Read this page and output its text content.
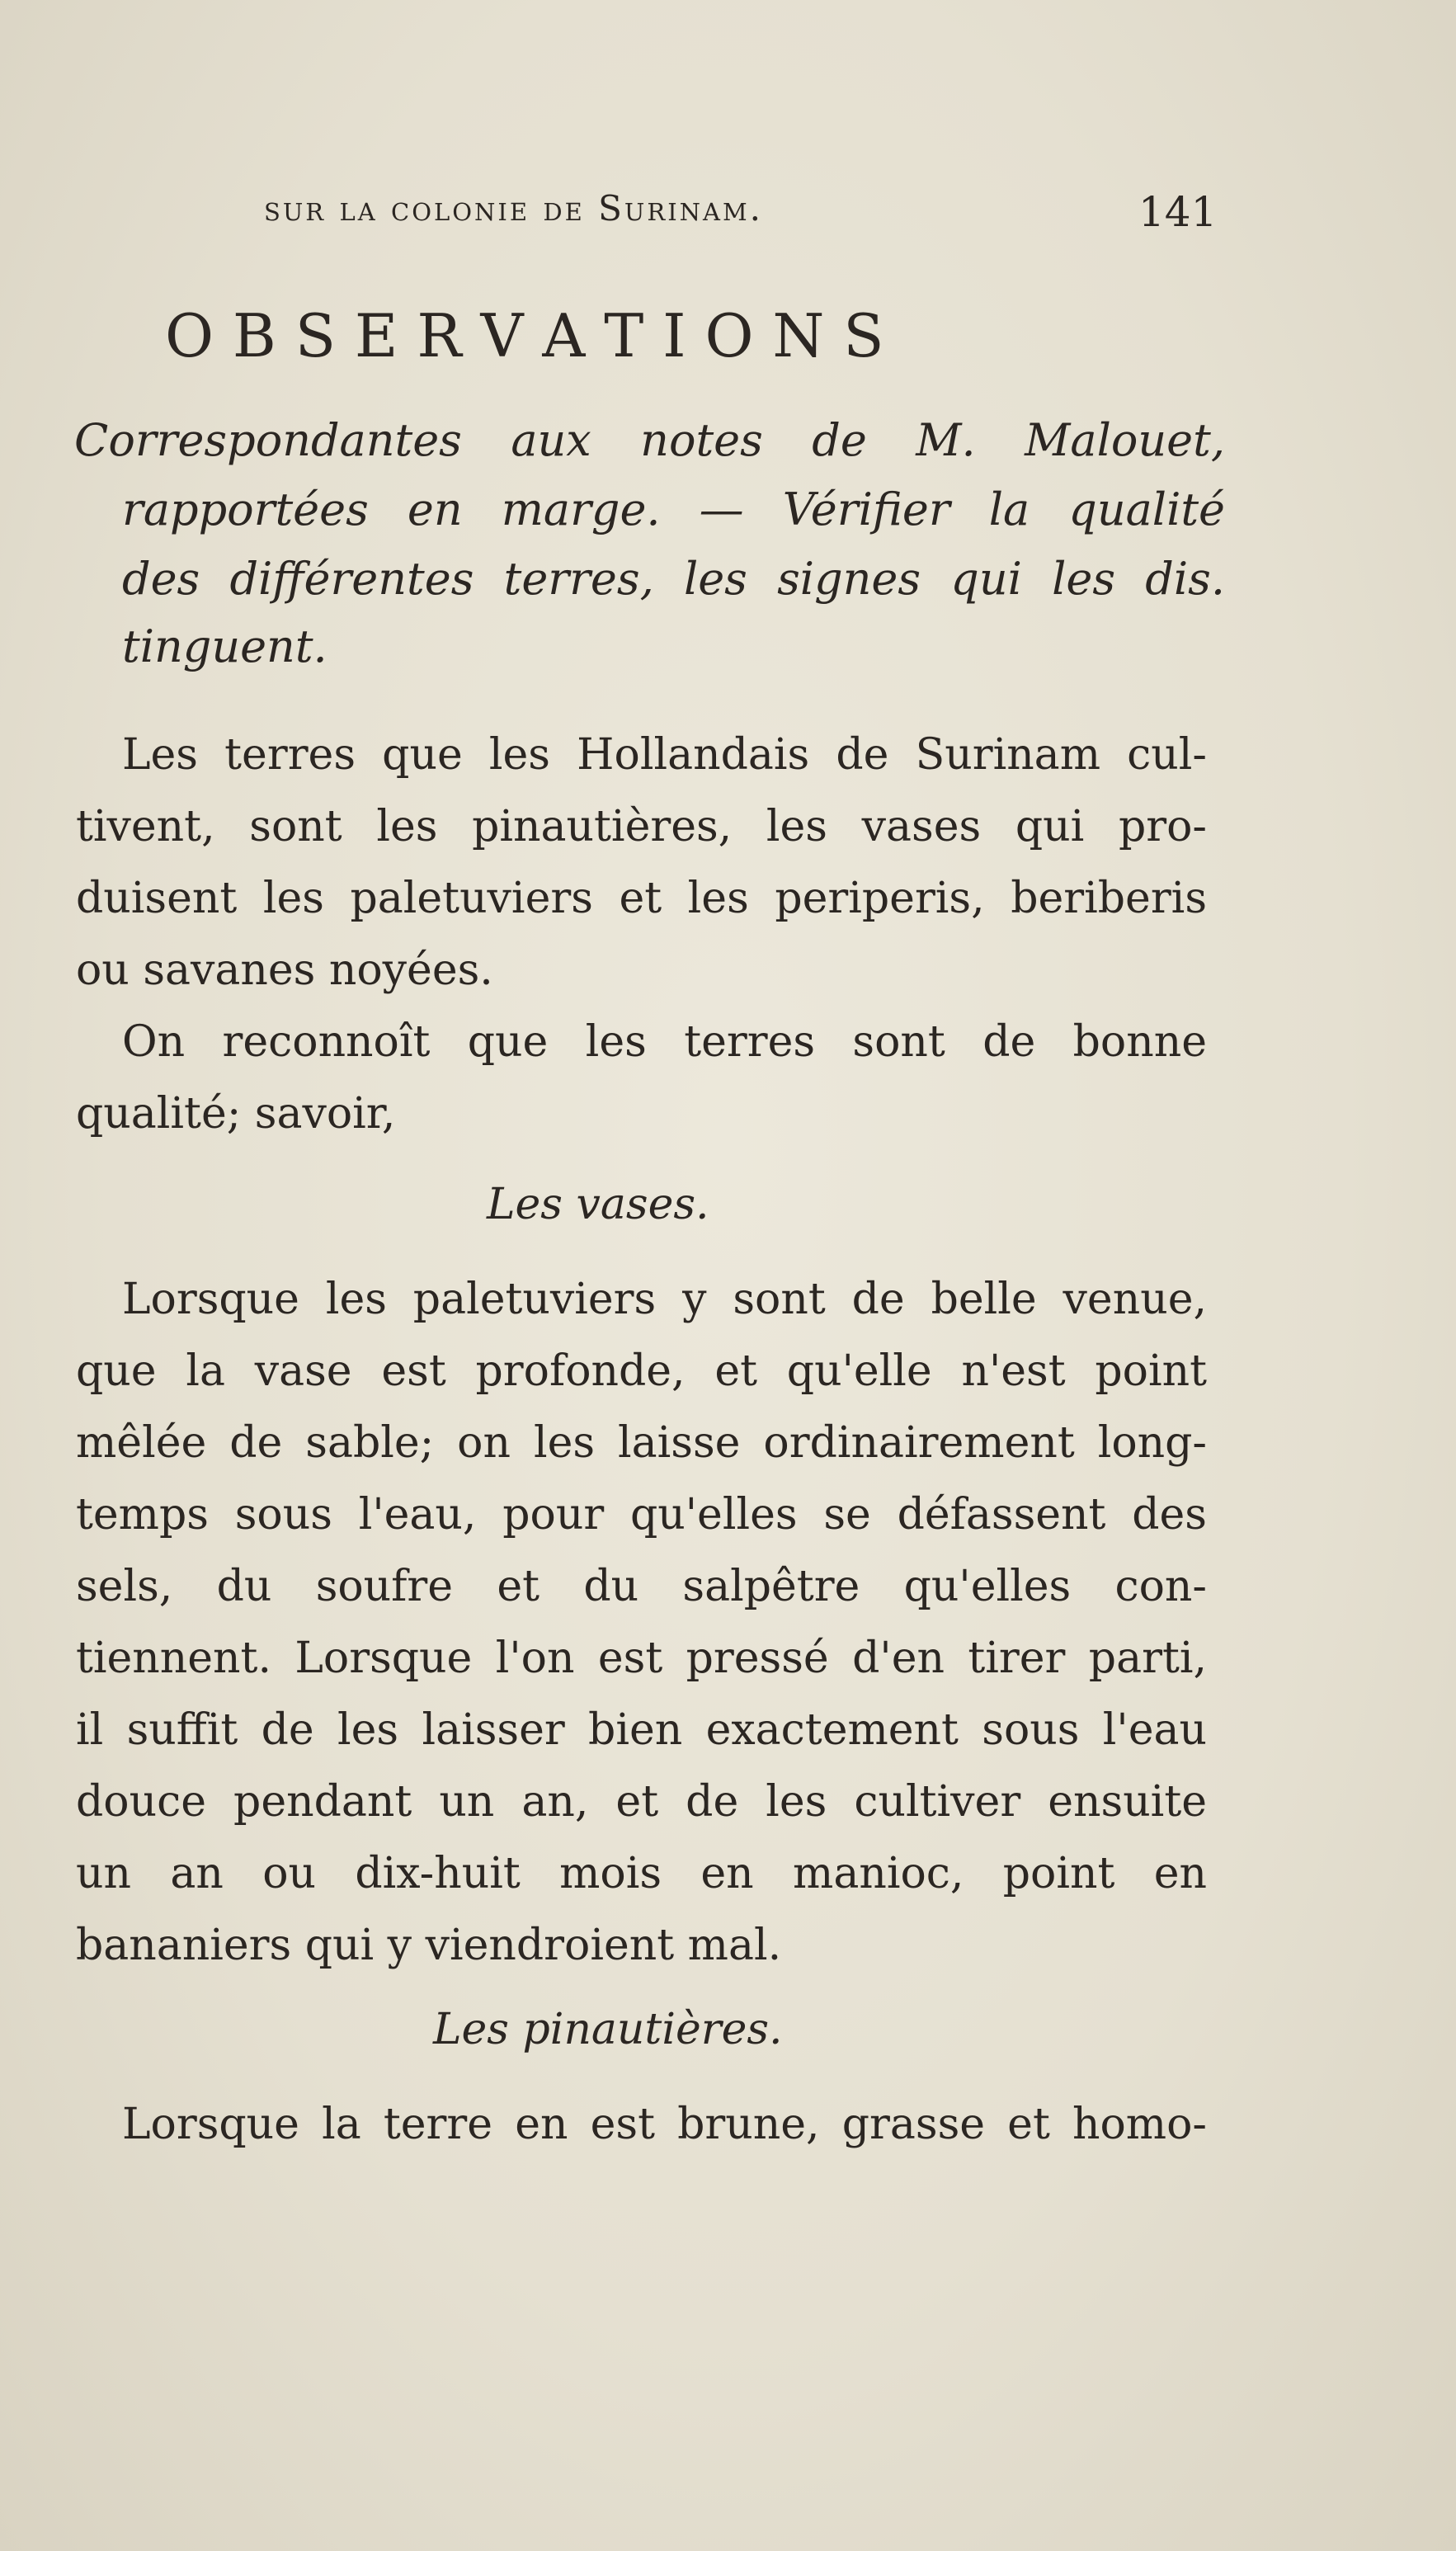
sur la colonie de Surinam.	141
O B S E R V A T I O N S
Correspondantes aux notes de M. Malouet,
rapportées en marge. — Vérifier la qualité
des différentes terres, les signes qui les dis.
tinguent.
Les terres que les Hollandais de Surinam cul-
tivent, sont les pinautières, les vases qui pro-
duisent les paletuviers et les periperis, beriberis
ou savanes noyées.
On reconnoît que les terres sont de bonne
qualité; savoir,
Les vases.
Lorsque les paletuviers y sont de belle venue,
que la vase est profonde, et qu'elle n'est point
mêlée de sable; on les laisse ordinairement long-
temps sous l'eau, pour qu'elles se défassent des
sels, du soufre et du salpêtre qu'elles con-
tiennent. Lorsque l'on est pressé d'en tirer parti,
il suffit de les laisser bien exactement sous l'eau
douce pendant un an, et de les cultiver ensuite
un an ou dix-huit mois en manioc, point en
bananiers qui y viendroient mal.
Les pinautières.
Lorsque la terre en est brune, grasse et homo-
